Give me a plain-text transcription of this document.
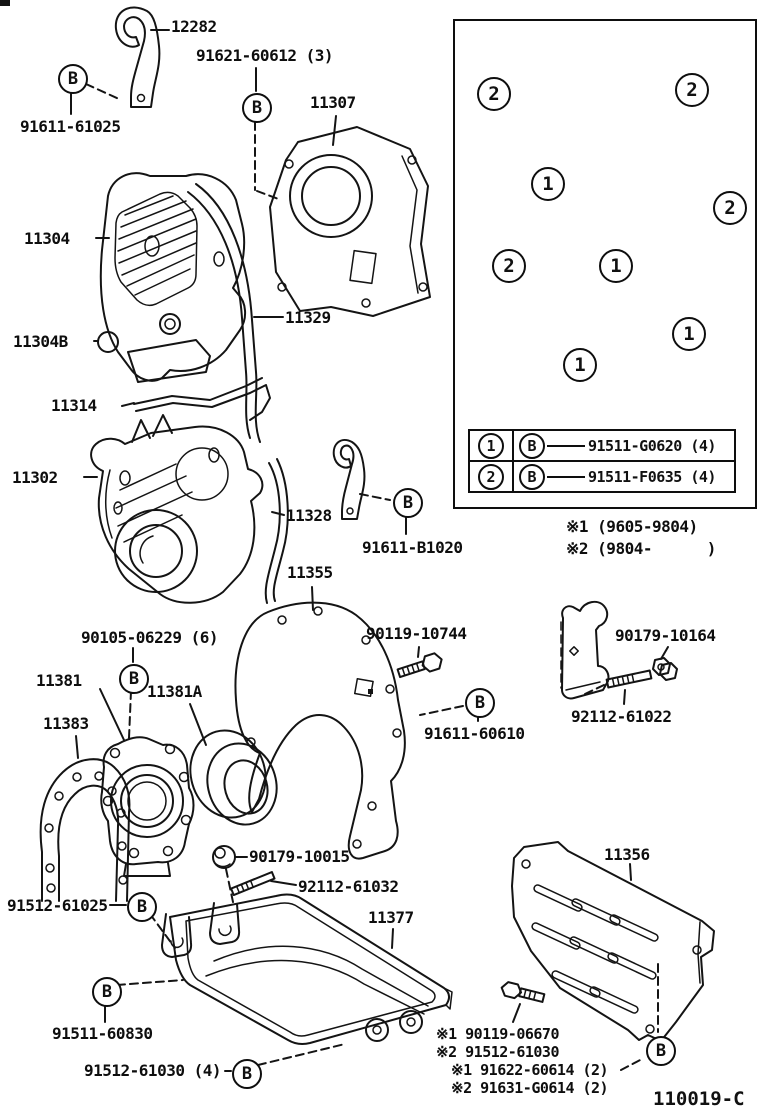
12282
91621-60612 (3)
11307
91611-61025
11304
11329
11304B
11314
11302
11328
91611-B1020
11355
90105-06229 (6)
11381
11381A
11383
90119-10744
91611-60610
90179-10164
92112-61022
90179-10015
92112-61032
91512-61025
11377
91511-60830
91512-61030 (4)
11356
※1 90119-06670
※2 91512-61030
※1 91622-60614 (2)
※2 91631-G0614 (2)
B
B
B
B
B
B
B
B
B
2	2
1
2
2	1
1
1
1	B	91511-G0620 (4)
2	B	91511-F0635 (4)
※1 (9605-9804)
※2 (9804-      )
110019-C
